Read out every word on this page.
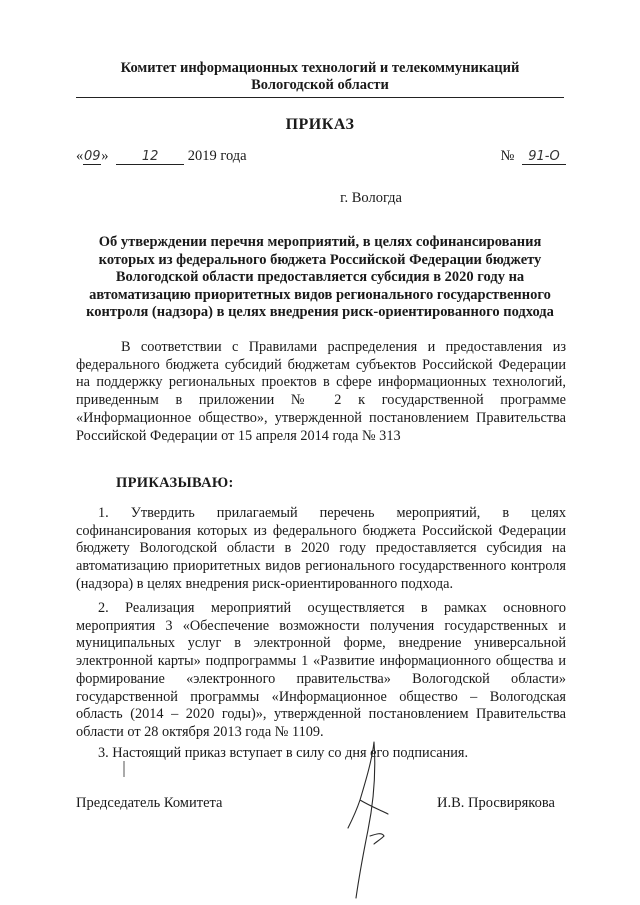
Комитет информационных технологий и телекоммуникаций
Вологодской области
ПРИКАЗ
«09»	12 2019 года	№ 91-О
г. Вологда
Об утверждении перечня мероприятий, в целях софинансирования которых из федерального бюджета Российской Федерации бюджету Вологодской области предоставляется субсидия в 2020 году на автоматизацию приоритетных видов регионального государственного контроля (надзора) в целях внедрения риск-ориентированного подхода
В соответствии с Правилами распределения и предоставления из федерального бюджета субсидий бюджетам субъектов Российской Федерации на поддержку региональных проектов в сфере информационных технологий, приведенным в приложении № 2 к государственной программе «Информационное общество», утвержденной постановлением Правительства Российской Федерации от 15 апреля 2014 года № 313
ПРИКАЗЫВАЮ:
1. Утвердить прилагаемый перечень мероприятий, в целях софинансирования которых из федерального бюджета Российской Федерации бюджету Вологодской области в 2020 году предоставляется субсидия на автоматизацию приоритетных видов регионального государственного контроля (надзора) в целях внедрения риск-ориентированного подхода.
2. Реализация мероприятий осуществляется в рамках основного мероприятия 3 «Обеспечение возможности получения государственных и муниципальных услуг в электронной форме, внедрение универсальной электронной карты» подпрограммы 1 «Развитие информационного общества и формирование «электронного правительства» Вологодской области» государственной программы «Информационное общество – Вологодская область (2014 – 2020 годы)», утвержденной постановлением Правительства области от 28 октября 2013 года № 1109.
3. Настоящий приказ вступает в силу со дня его подписания.
Председатель Комитета	И.В. Просвирякова
